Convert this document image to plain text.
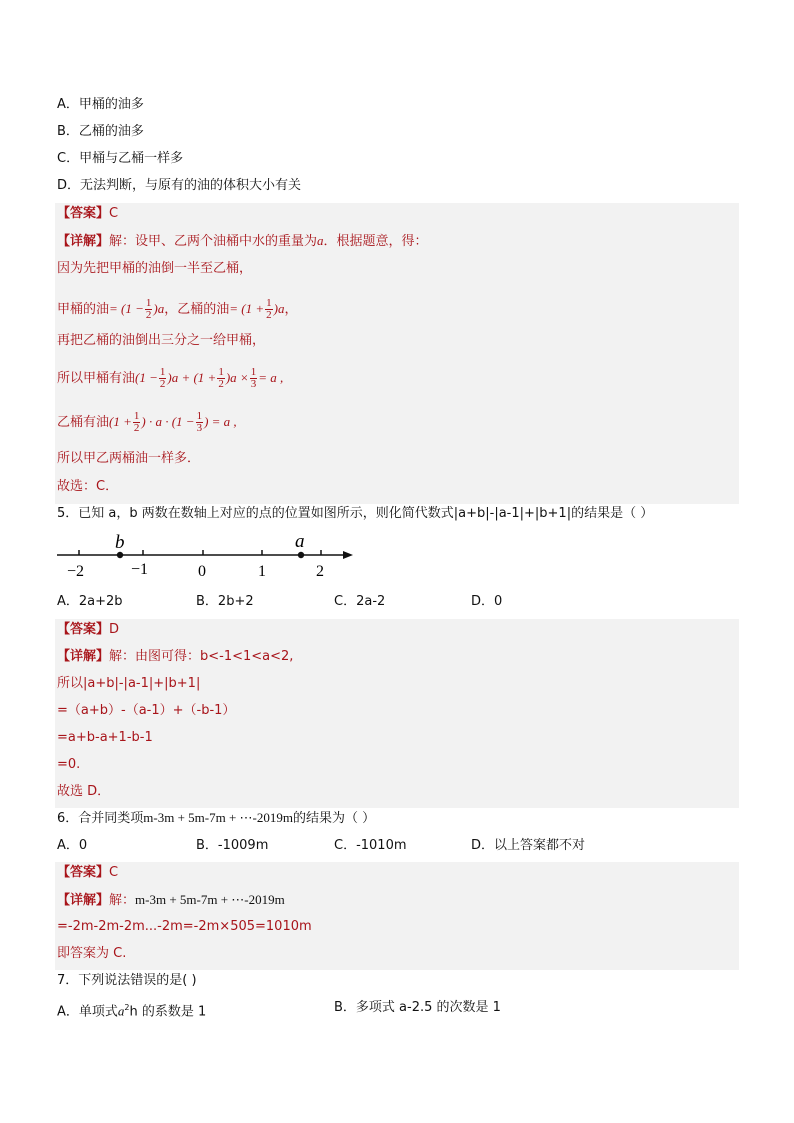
A．甲桶的油多
B．乙桶的油多
C．甲桶与乙桶一样多
D．无法判断，与原有的油的体积大小有关
【答案】C
【详解】解：设甲、乙两个油桶中水的重量为a．根据题意，得：
因为先把甲桶的油倒一半至乙桶，
甲桶的油= $(1 - \frac{1}{2} )a$，乙桶的油= $(1 + \frac{1}{2} )a$，
再把乙桶的油倒出三分之一给甲桶，
所以甲桶有油$(1 - \frac{1}{2} )a + (1 + \frac{1}{2} )a \times \frac{1}{3} = a$ ,
乙桶有油($1 + \frac{1}{2}$ ) · $a \cdot (1 - \frac{1}{3}$ ) = a ,
所以甲乙两桶油一样多．
故选：C．
5．已知 a，b 两数在数轴上对应的点的位置如图所示，则化简代数式|a+b|-|a-1|+|b+1|的结果是（ ）
b	a
−2	−1	0	1	2
A．2a+2b	B．2b+2	C．2a-2	D．0
【答案】D
【详解】解：由图可得：b<-1<1<a<2,
所以|a+b|-|a-1|+|b+1|
=（a+b）-（a-1）+（-b-1）
=a+b-a+1-b-1
=0.
故选 D．
6．合并同类项m-3m + 5m-7m + ⋯-2019m的结果为（ ）
A．0	B．-1009m	C．-1010m	D．以上答案都不对
【答案】C
【详解】解：m-3m + 5m-7m + ⋯-2019m
=-2m-2m-2m...-2m=-2m×505=1010m
即答案为 C.
7．下列说法错误的是( )
A．单项式$a^2h$ 的系数是 1	B．多项式 a-2.5 的次数是 1
